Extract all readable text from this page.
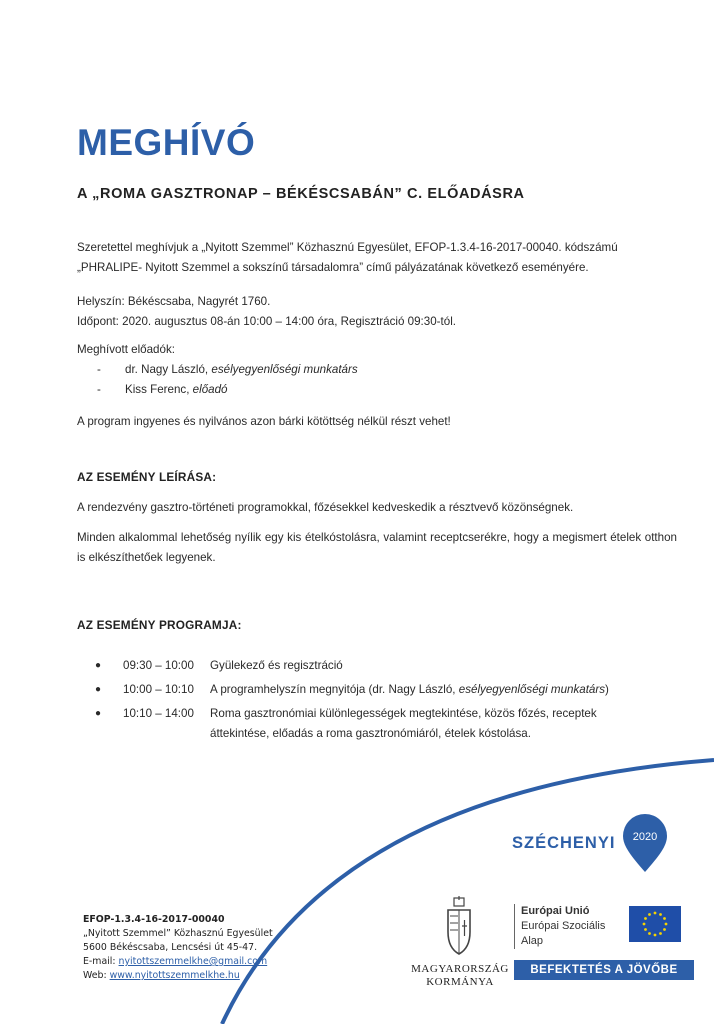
MEGHÍVÓ
A „ROMA GASZTRONAP – BÉKÉSCSABÁN” C. ELŐADÁSRA
Szeretettel meghívjuk a „Nyitott Szemmel” Közhasznú Egyesület, EFOP-1.3.4-16-2017-00040. kódszámú
„PHRALIPE- Nyitott Szemmel a sokszínű társadalomra” című pályázatának következő eseményére.
Helyszín: Békéscsaba, Nagyrét 1760.
Időpont: 2020. augusztus 08-án 10:00 – 14:00 óra, Regisztráció 09:30-tól.
Meghívott előadók:
-	dr. Nagy László,
esélyegyenlőségi munkatárs
-	Kiss Ferenc,
előadó
A program ingyenes és nyilvános azon bárki kötöttség nélkül részt vehet!
AZ ESEMÉNY LEÍRÁSA:
A rendezvény gasztro-történeti programokkal, főzésekkel kedveskedik a résztvevő közönségnek.
Minden alkalommal lehetőség nyílik egy kis ételkóstolásra, valamint receptcserékre, hogy a megismert ételek otthon is elkészíthetőek legyenek.
AZ ESEMÉNY PROGRAMJA:
●	09:30 – 10:00	Gyülekező és regisztráció
●	10:00 – 10:10	A programhelyszín megnyitója (dr. Nagy László, esélyegyenlőségi munkatárs)
●	10:10 – 14:00	Roma gasztronómiai különlegességek megtekintése, közös főzés, receptek áttekintése, előadás a roma gasztronómiáról, ételek kóstolása.
SZÉCHENYI 2020
EFOP-1.3.4-16-2017-00040
„Nyitott Szemmel” Közhasznú Egyesület
5600 Békéscsaba, Lencsési út 45-47.
E-mail: nyitottszemmelkhe@gmail.com
Web: www.nyitottszemmelkhe.hu
MAGYARORSZÁG
KORMÁNYA
Európai Unió
Európai Szociális
Alap
BEFEKTETÉS A JÖVŐBE
